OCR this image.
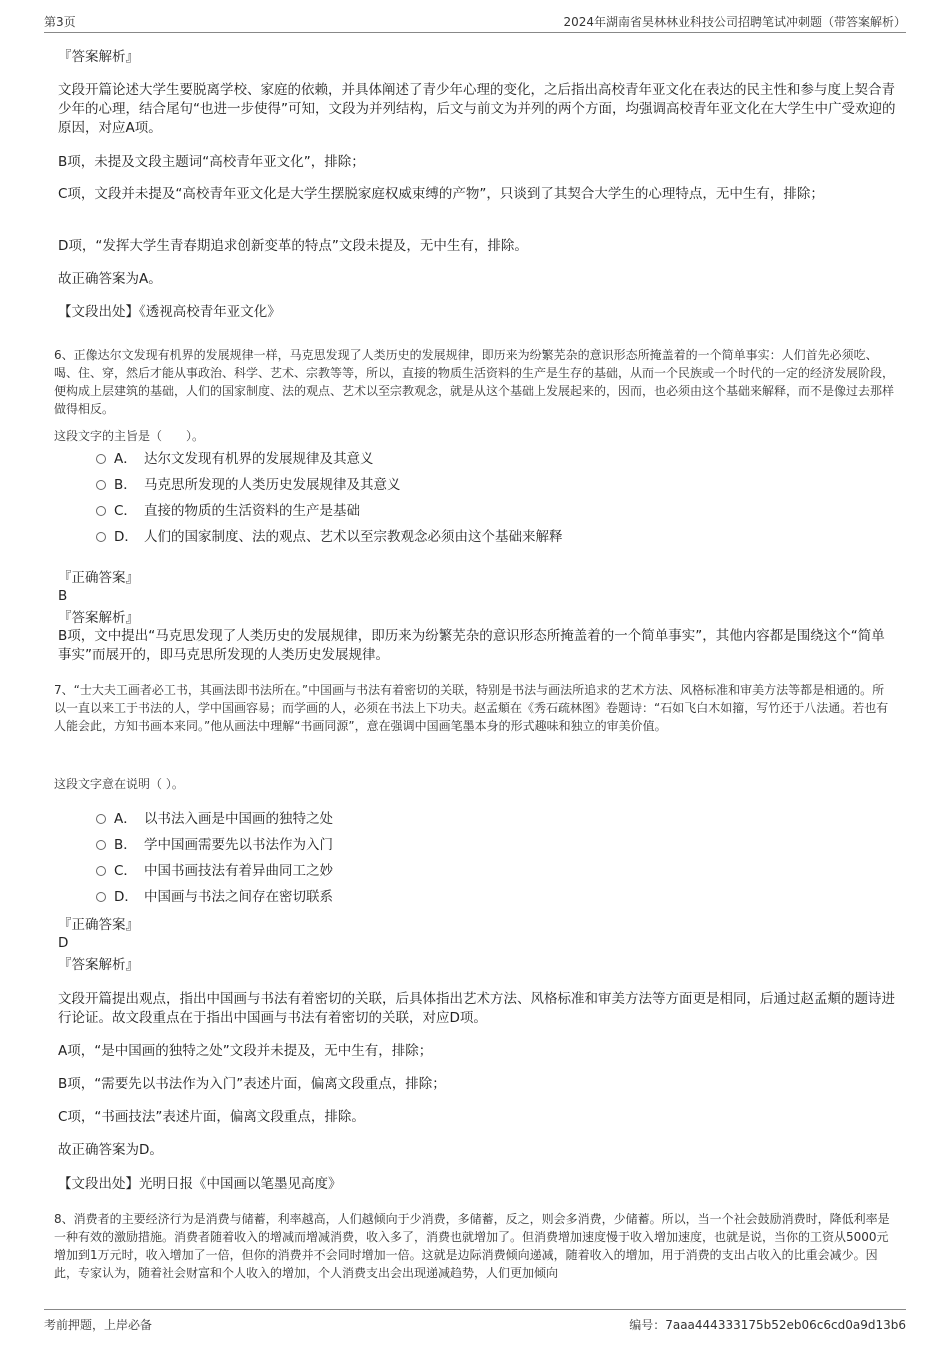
第3页	2024年湖南省昊林林业科技公司招聘笔试冲刺题（带答案解析）
『答案解析』
文段开篇论述大学生要脱离学校、家庭的依赖，并具体阐述了青少年心理的变化，之后指出高校青年亚文化在表达的民主性和参与度上契合青少年的心理，结合尾句“也进一步使得”可知，文段为并列结构，后文与前文为并列的两个方面，均强调高校青年亚文化在大学生中广受欢迎的原因，对应A项。
B项，未提及文段主题词“高校青年亚文化”，排除；
C项，文段并未提及“高校青年亚文化是大学生摆脱家庭权威束缚的产物”，只谈到了其契合大学生的心理特点，无中生有，排除；
D项，“发挥大学生青春期追求创新变革的特点”文段未提及，无中生有，排除。
故正确答案为A。
【文段出处】《透视高校青年亚文化》
6、正像达尔文发现有机界的发展规律一样，马克思发现了人类历史的发展规律，即历来为纷繁芜杂的意识形态所掩盖着的一个简单事实：人们首先必须吃、喝、住、穿，然后才能从事政治、科学、艺术、宗教等等，所以，直接的物质生活资料的生产是生存的基础，从而一个民族或一个时代的一定的经济发展阶段，便构成上层建筑的基础，人们的国家制度、法的观点、艺术以至宗教观念，就是从这个基础上发展起来的，因而，也必须由这个基础来解释，而不是像过去那样做得相反。
这段文字的主旨是（　　）。
A． 达尔文发现有机界的发展规律及其意义
B． 马克思所发现的人类历史发展规律及其意义
C． 直接的物质的生活资料的生产是基础
D． 人们的国家制度、法的观点、艺术以至宗教观念必须由这个基础来解释
『正确答案』
B
『答案解析』
B项，文中提出“马克思发现了人类历史的发展规律，即历来为纷繁芜杂的意识形态所掩盖着的一个简单事实”，其他内容都是围绕这个“简单事实”而展开的，即马克思所发现的人类历史发展规律。
7、“士大夫工画者必工书，其画法即书法所在。”中国画与书法有着密切的关联，特别是书法与画法所追求的艺术方法、风格标准和审美方法等都是相通的。所以一直以来工于书法的人，学中国画容易；而学画的人，必须在书法上下功夫。赵孟頫在《秀石疏林图》卷题诗：“石如飞白木如籀，写竹还于八法通。若也有人能会此，方知书画本来同。”他从画法中理解“书画同源”，意在强调中国画笔墨本身的形式趣味和独立的审美价值。
这段文字意在说明（ ）。
A． 以书法入画是中国画的独特之处
B． 学中国画需要先以书法作为入门
C． 中国书画技法有着异曲同工之妙
D． 中国画与书法之间存在密切联系
『正确答案』
D
『答案解析』
文段开篇提出观点，指出中国画与书法有着密切的关联，后具体指出艺术方法、风格标准和审美方法等方面更是相同，后通过赵孟頫的题诗进行论证。故文段重点在于指出中国画与书法有着密切的关联，对应D项。
A项，“是中国画的独特之处”文段并未提及，无中生有，排除；
B项，“需要先以书法作为入门”表述片面，偏离文段重点，排除；
C项，“书画技法”表述片面，偏离文段重点，排除。
故正确答案为D。
【文段出处】光明日报《中国画以笔墨见高度》
8、消费者的主要经济行为是消费与储蓄，利率越高，人们越倾向于少消费，多储蓄，反之，则会多消费，少储蓄。所以，当一个社会鼓励消费时，降低利率是一种有效的激励措施。消费者随着收入的增减而增减消费，收入多了，消费也就增加了。但消费增加速度慢于收入增加速度，也就是说，当你的工资从5000元增加到1万元时，收入增加了一倍，但你的消费并不会同时增加一倍。这就是边际消费倾向递减，随着收入的增加，用于消费的支出占收入的比重会减少。因此，专家认为，随着社会财富和个人收入的增加，个人消费支出会出现递减趋势，人们更加倾向
考前押题，上岸必备	编号：7aaa444333175b52eb06c6cd0a9d13b6
